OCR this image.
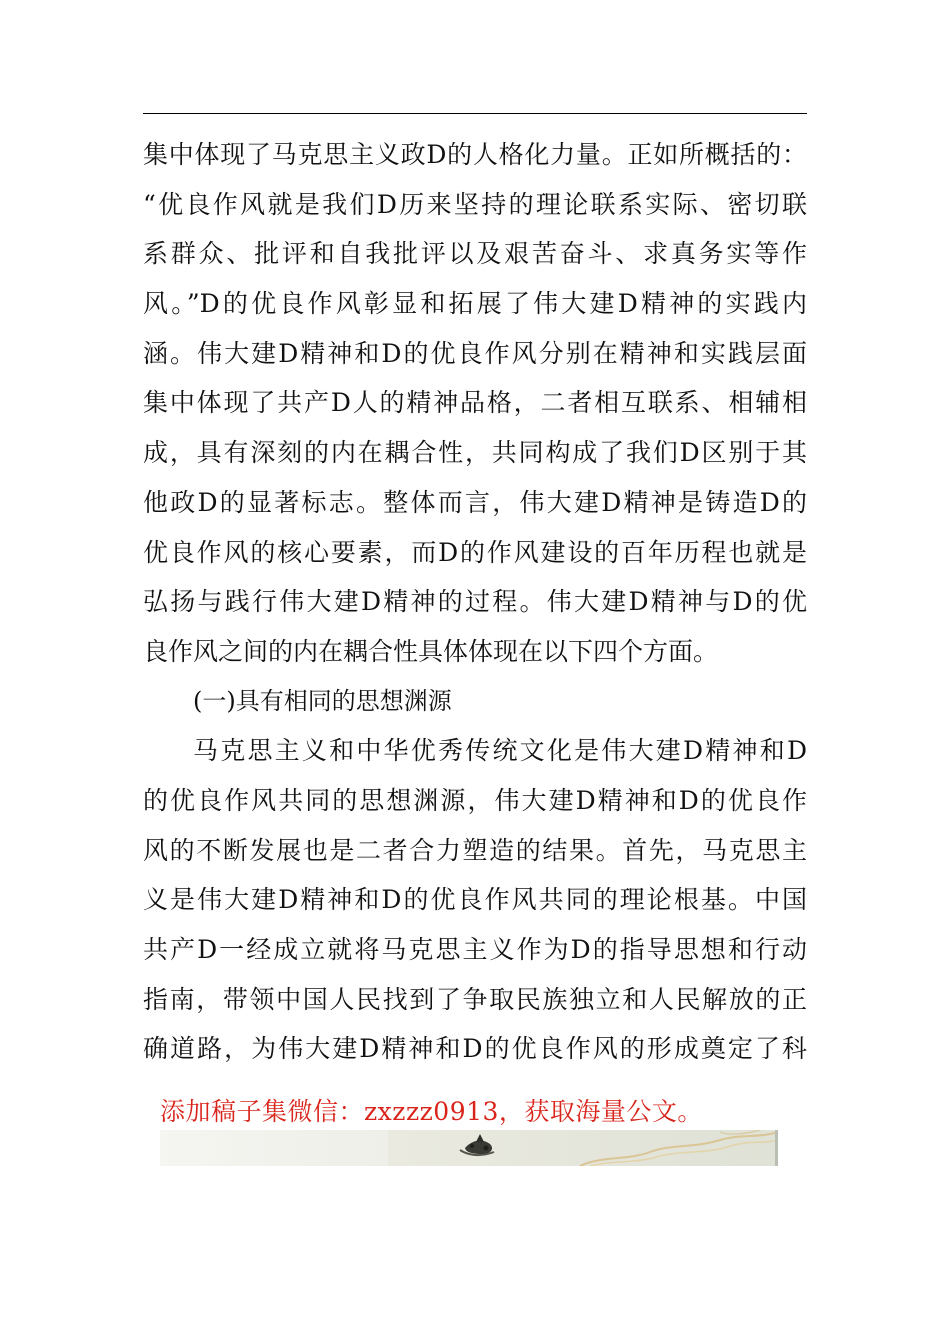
集中体现了马克思主义政D的人格化力量。正如所概括的：
“优良作风就是我们D历来坚持的理论联系实际、密切联
系群众、批评和自我批评以及艰苦奋斗、求真务实等作
风。”D的优良作风彰显和拓展了伟大建D精神的实践内
涵。伟大建D精神和D的优良作风分别在精神和实践层面
集中体现了共产D人的精神品格，二者相互联系、相辅相
成，具有深刻的内在耦合性，共同构成了我们D区别于其
他政D的显著标志。整体而言，伟大建D精神是铸造D的
优良作风的核心要素，而D的作风建设的百年历程也就是
弘扬与践行伟大建D精神的过程。伟大建D精神与D的优
良作风之间的内在耦合性具体体现在以下四个方面。
(一)具有相同的思想渊源
马克思主义和中华优秀传统文化是伟大建D精神和D
的优良作风共同的思想渊源，伟大建D精神和D的优良作
风的不断发展也是二者合力塑造的结果。首先，马克思主
义是伟大建D精神和D的优良作风共同的理论根基。中国
共产D一经成立就将马克思主义作为D的指导思想和行动
指南，带领中国人民找到了争取民族独立和人民解放的正
确道路，为伟大建D精神和D的优良作风的形成奠定了科
添加稿子集微信：zxzzz0913，获取海量公文。
